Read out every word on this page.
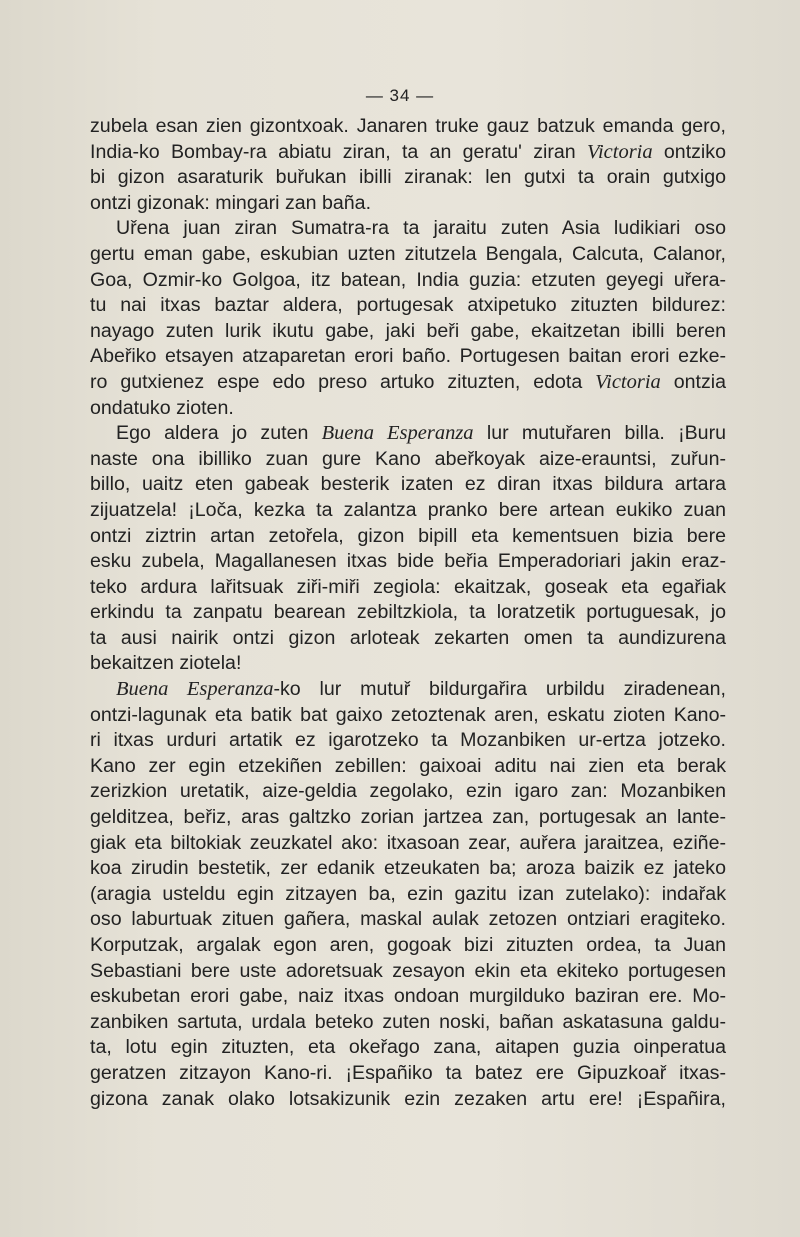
— 34 —
zubela esan zien gizontxoak. Janaren truke gauz batzuk emanda gero,
India-ko Bombay-ra abiatu ziran, ta an geratu' ziran Victoria ontziko
bi gizon asaraturik buřukan ibilli ziranak: len gutxi ta orain gutxigo
ontzi gizonak: mingari zan baña.
Uřena juan ziran Sumatra-ra ta jaraitu zuten Asia ludikiari oso
gertu eman gabe, eskubian uzten zitutzela Bengala, Calcuta, Calanor,
Goa, Ozmir-ko Golgoa, itz batean, India guzia: etzuten geyegi uřera-
tu nai itxas baztar aldera, portugesak atxipetuko zituzten bildurez:
nayago zuten lurik ikutu gabe, jaki beři gabe, ekaitzetan ibilli beren
Abeřiko etsayen atzaparetan erori baño. Portugesen baitan erori ezke-
ro gutxienez espe edo preso artuko zituzten, edota Victoria ontzia
ondatuko zioten.
Ego aldera jo zuten Buena Esperanza lur mutuřaren billa. ¡Buru
naste ona ibilliko zuan gure Kano abeřkoyak aize-erauntsi, zuřun-
billo, uaitz eten gabeak besterik izaten ez diran itxas bildura artara
zijuatzela! ¡Loča, kezka ta zalantza pranko bere artean eukiko zuan
ontzi ziztrin artan zetořela, gizon bipill eta kementsuen bizia bere
esku zubela, Magallanesen itxas bide beřia Emperadoriari jakin eraz-
teko ardura lařitsuak ziři-miři zegiola: ekaitzak, goseak eta egařiak
erkindu ta zanpatu bearean zebiltzkiola, ta loratzetik portuguesak, jo
ta ausi nairik ontzi gizon arloteak zekarten omen ta aundizurena
bekaitzen ziotela!
Buena Esperanza-ko lur mutuř bildurgařira urbildu ziradenean,
ontzi-lagunak eta batik bat gaixo zetoztenak aren, eskatu zioten Kano-
ri itxas urduri artatik ez igarotzeko ta Mozanbiken ur-ertza jotzeko.
Kano zer egin etzekiñen zebillen: gaixoai aditu nai zien eta berak
zerizkion uretatik, aize-geldia zegolako, ezin igaro zan: Mozanbiken
gelditzea, beřiz, aras galtzko zorian jartzea zan, portugesak an lante-
giak eta biltokiak zeuzkatel ako: itxasoan zear, auřera jaraitzea, eziñe-
koa zirudin bestetik, zer edanik etzeukaten ba; aroza baizik ez jateko
(aragia usteldu egin zitzayen ba, ezin gazitu izan zutelako): indařak
oso laburtuak zituen gañera, maskal aulak zetozen ontziari eragiteko.
Korputzak, argalak egon aren, gogoak bizi zituzten ordea, ta Juan
Sebastiani bere uste adoretsuak zesayon ekin eta ekiteko portugesen
eskubetan erori gabe, naiz itxas ondoan murgilduko baziran ere. Mo-
zanbiken sartuta, urdala beteko zuten noski, bañan askatasuna galdu-
ta, lotu egin zituzten, eta okeřago zana, aitapen guzia oinperatua
geratzen zitzayon Kano-ri. ¡Españiko ta batez ere Gipuzkoař itxas-
gizona zanak olako lotsakizunik ezin zezaken artu ere! ¡Españira,
